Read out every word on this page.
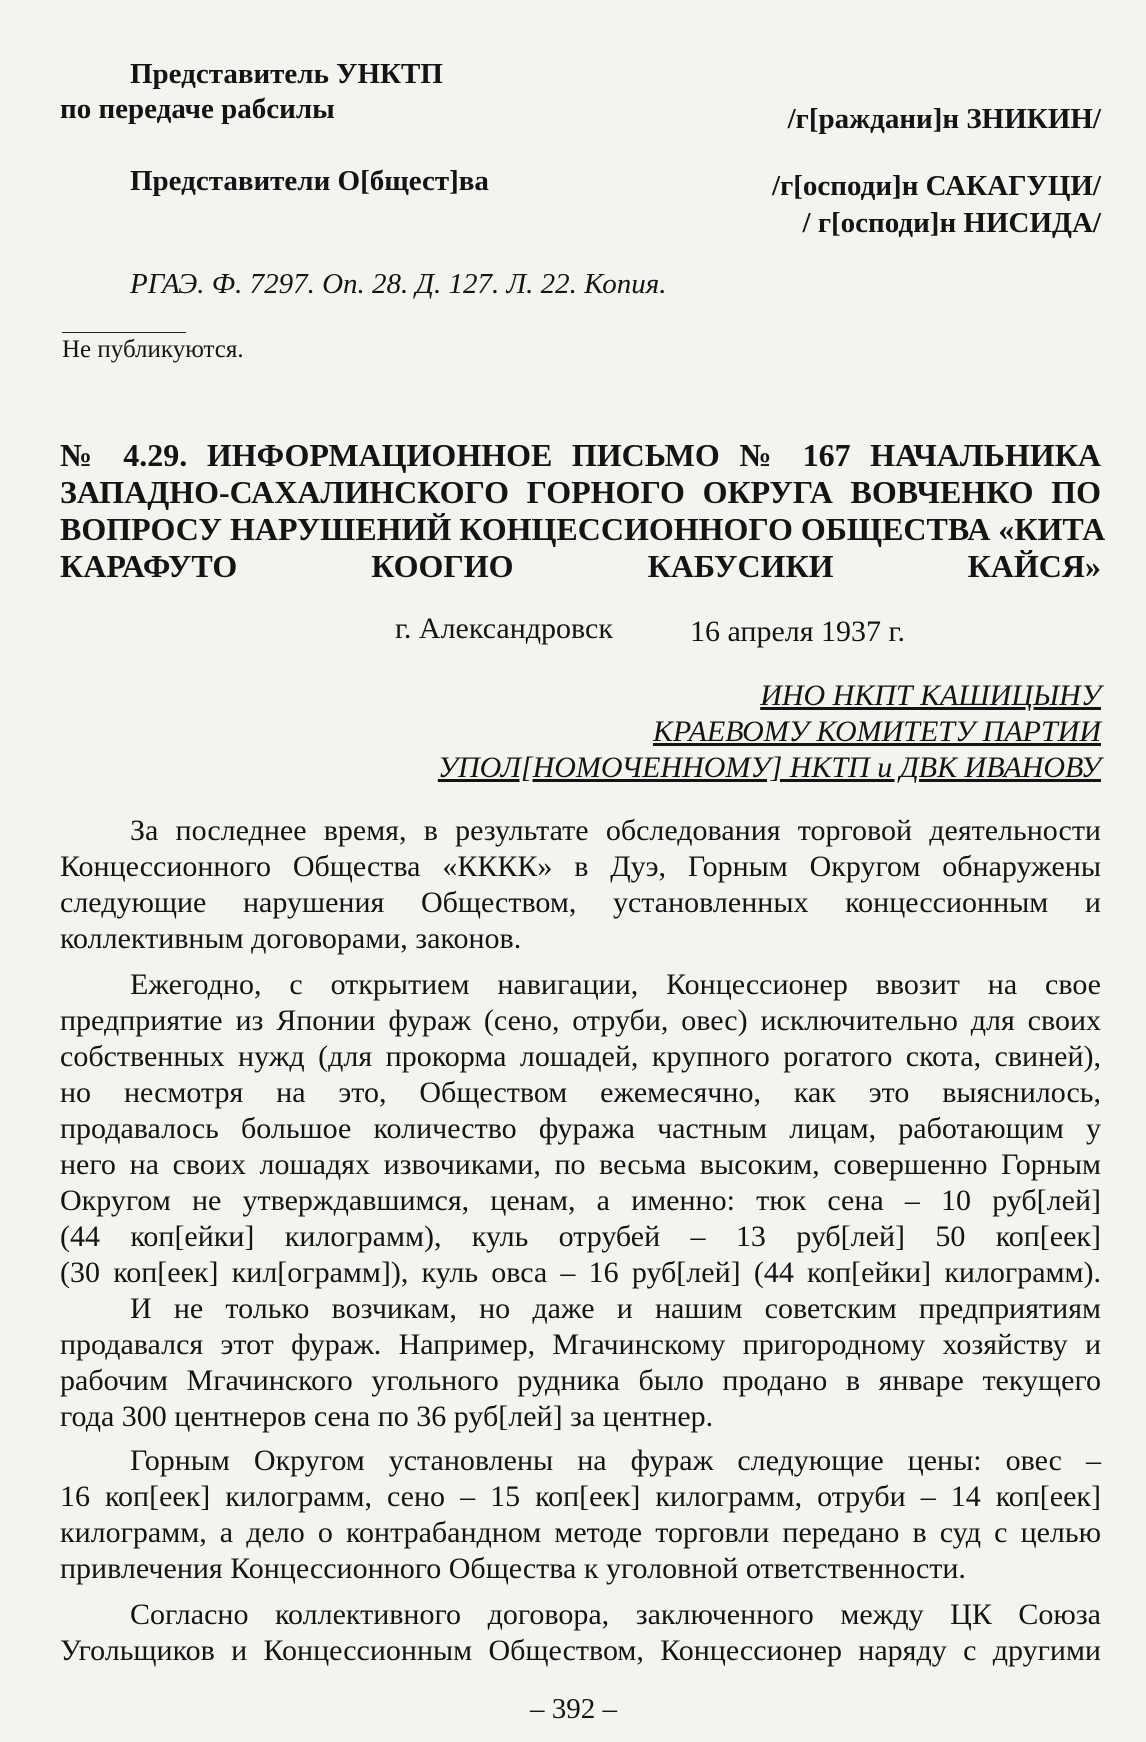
Представитель УНКТП
по передаче рабсилы	/г[раждани]н ЗНИКИН/
Представители О[бщест]ва	/г[осподи]н САКАГУЦИ/
/ г[осподи]н НИСИДА/
РГАЭ. Ф. 7297. Оп. 28. Д. 127. Л. 22. Копия.
Не публикуются.
№ 4.29. ИНФОРМАЦИОННОЕ ПИСЬМО № 167 НАЧАЛЬНИКА
ЗАПАДНО-САХАЛИНСКОГО ГОРНОГО ОКРУГА ВОВЧЕНКО ПО
ВОПРОСУ НАРУШЕНИЙ КОНЦЕССИОННОГО ОБЩЕСТВА «КИТА
КАРАФУТО КООГИО КАБУСИКИ КАЙСЯ»
г. Александровск	16 апреля 1937 г.
ИНО НКПТ КАШИЦЫНУ
КРАЕВОМУ КОМИТЕТУ ПАРТИИ
УПОЛ[НОМОЧЕННОМУ] НКТП и ДВК ИВАНОВУ
За последнее время, в результате обследования торговой деятельности
Концессионного Общества «КККК» в Дуэ, Горным Округом обнаружены
следующие нарушения Обществом, установленных концессионным и
коллективным договорами, законов.
Ежегодно, с открытием навигации, Концессионер ввозит на свое
предприятие из Японии фураж (сено, отруби, овес) исключительно для своих
собственных нужд (для прокорма лошадей, крупного рогатого скота, свиней),
но несмотря на это, Обществом ежемесячно, как это выяснилось,
продавалось большое количество фуража частным лицам, работающим у
него на своих лошадях извочиками, по весьма высоким, совершенно Горным
Округом не утверждавшимся, ценам, а именно: тюк сена – 10 руб[лей]
(44 коп[ейки] килограмм), куль отрубей – 13 руб[лей] 50 коп[еек]
(30 коп[еек] кил[ограмм]), куль овса – 16 руб[лей] (44 коп[ейки] килограмм).
И не только возчикам, но даже и нашим советским предприятиям
продавался этот фураж. Например, Мгачинскому пригородному хозяйству и
рабочим Мгачинского угольного рудника было продано в январе текущего
года 300 центнеров сена по 36 руб[лей] за центнер.
Горным Округом установлены на фураж следующие цены: овес –
16 коп[еек] килограмм, сено – 15 коп[еек] килограмм, отруби – 14 коп[еек]
килограмм, а дело о контрабандном методе торговли передано в суд с целью
привлечения Концессионного Общества к уголовной ответственности.
Согласно коллективного договора, заключенного между ЦК Союза
Угольщиков и Концессионным Обществом, Концессионер наряду с другими
– 392 –
